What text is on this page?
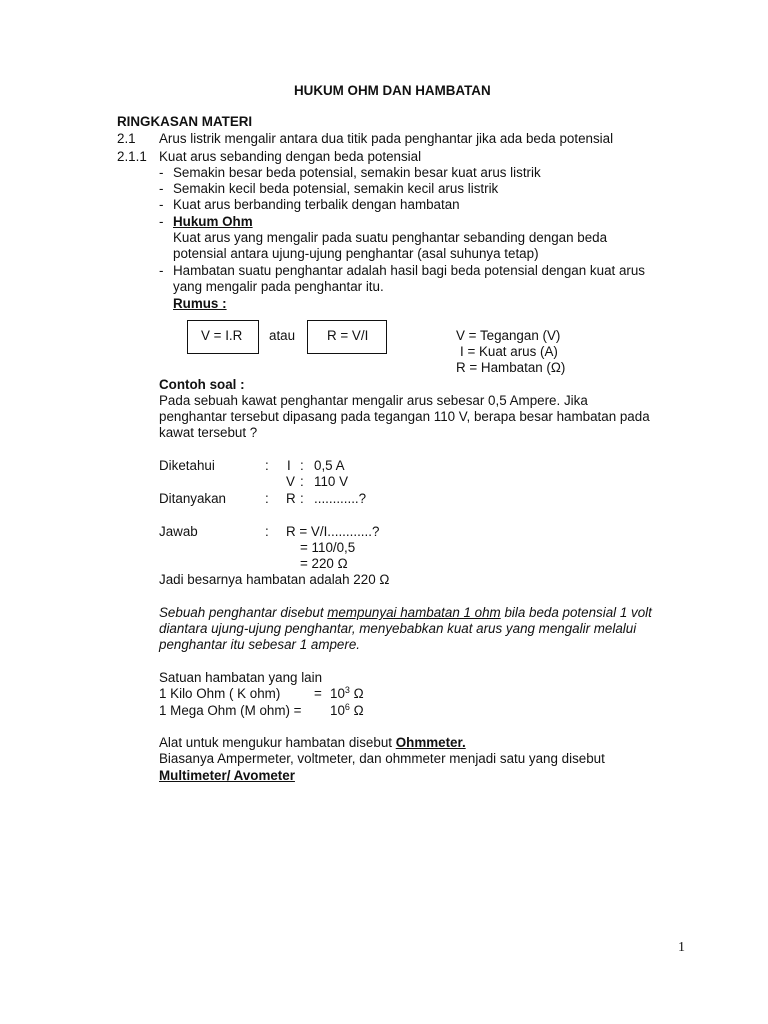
HUKUM OHM DAN HAMBATAN
RINGKASAN MATERI
2.1 Arus listrik mengalir antara dua titik pada penghantar jika ada beda potensial
2.1.1 Kuat arus sebanding dengan beda potensial
- Semakin besar beda potensial, semakin besar kuat arus listrik
- Semakin kecil beda potensial, semakin kecil arus listrik
- Kuat arus berbanding terbalik dengan hambatan
- Hukum Ohm
Kuat arus yang mengalir pada suatu penghantar sebanding dengan beda
potensial antara ujung-ujung penghantar (asal suhunya tetap)
- Hambatan suatu penghantar adalah hasil bagi beda potensial dengan kuat arus
yang mengalir pada penghantar itu.
Rumus :
V = I.R atau R = V/I	V = Tegangan (V)
I = Kuat arus (A)
R = Hambatan (Ω)
Contoh soal :
Pada sebuah kawat penghantar mengalir arus sebesar 0,5 Ampere. Jika
penghantar tersebut dipasang pada tegangan 110 V, berapa besar hambatan pada
kawat tersebut ?
Diketahui	: I : 0,5 A
V : 110 V
Ditanyakan	: R : ............?
Jawab	: R = V/I............?
= 110/0,5
= 220 Ω
Jadi besarnya hambatan adalah 220 Ω
Sebuah penghantar disebut mempunyai hambatan 1 ohm bila beda potensial 1 volt
diantara ujung-ujung penghantar, menyebabkan kuat arus yang mengalir melalui
penghantar itu sebesar 1 ampere.
Satuan hambatan yang lain
1 Kilo Ohm ( K ohm)	= $10^3$ Ω
1 Mega Ohm (M $ohm) = 10^6$ Ω
Alat untuk mengukur hambatan disebut Ohmmeter.
Biasanya Ampermeter, voltmeter, dan ohmmeter menjadi satu yang disebut
Multimeter/ Avometer
1
